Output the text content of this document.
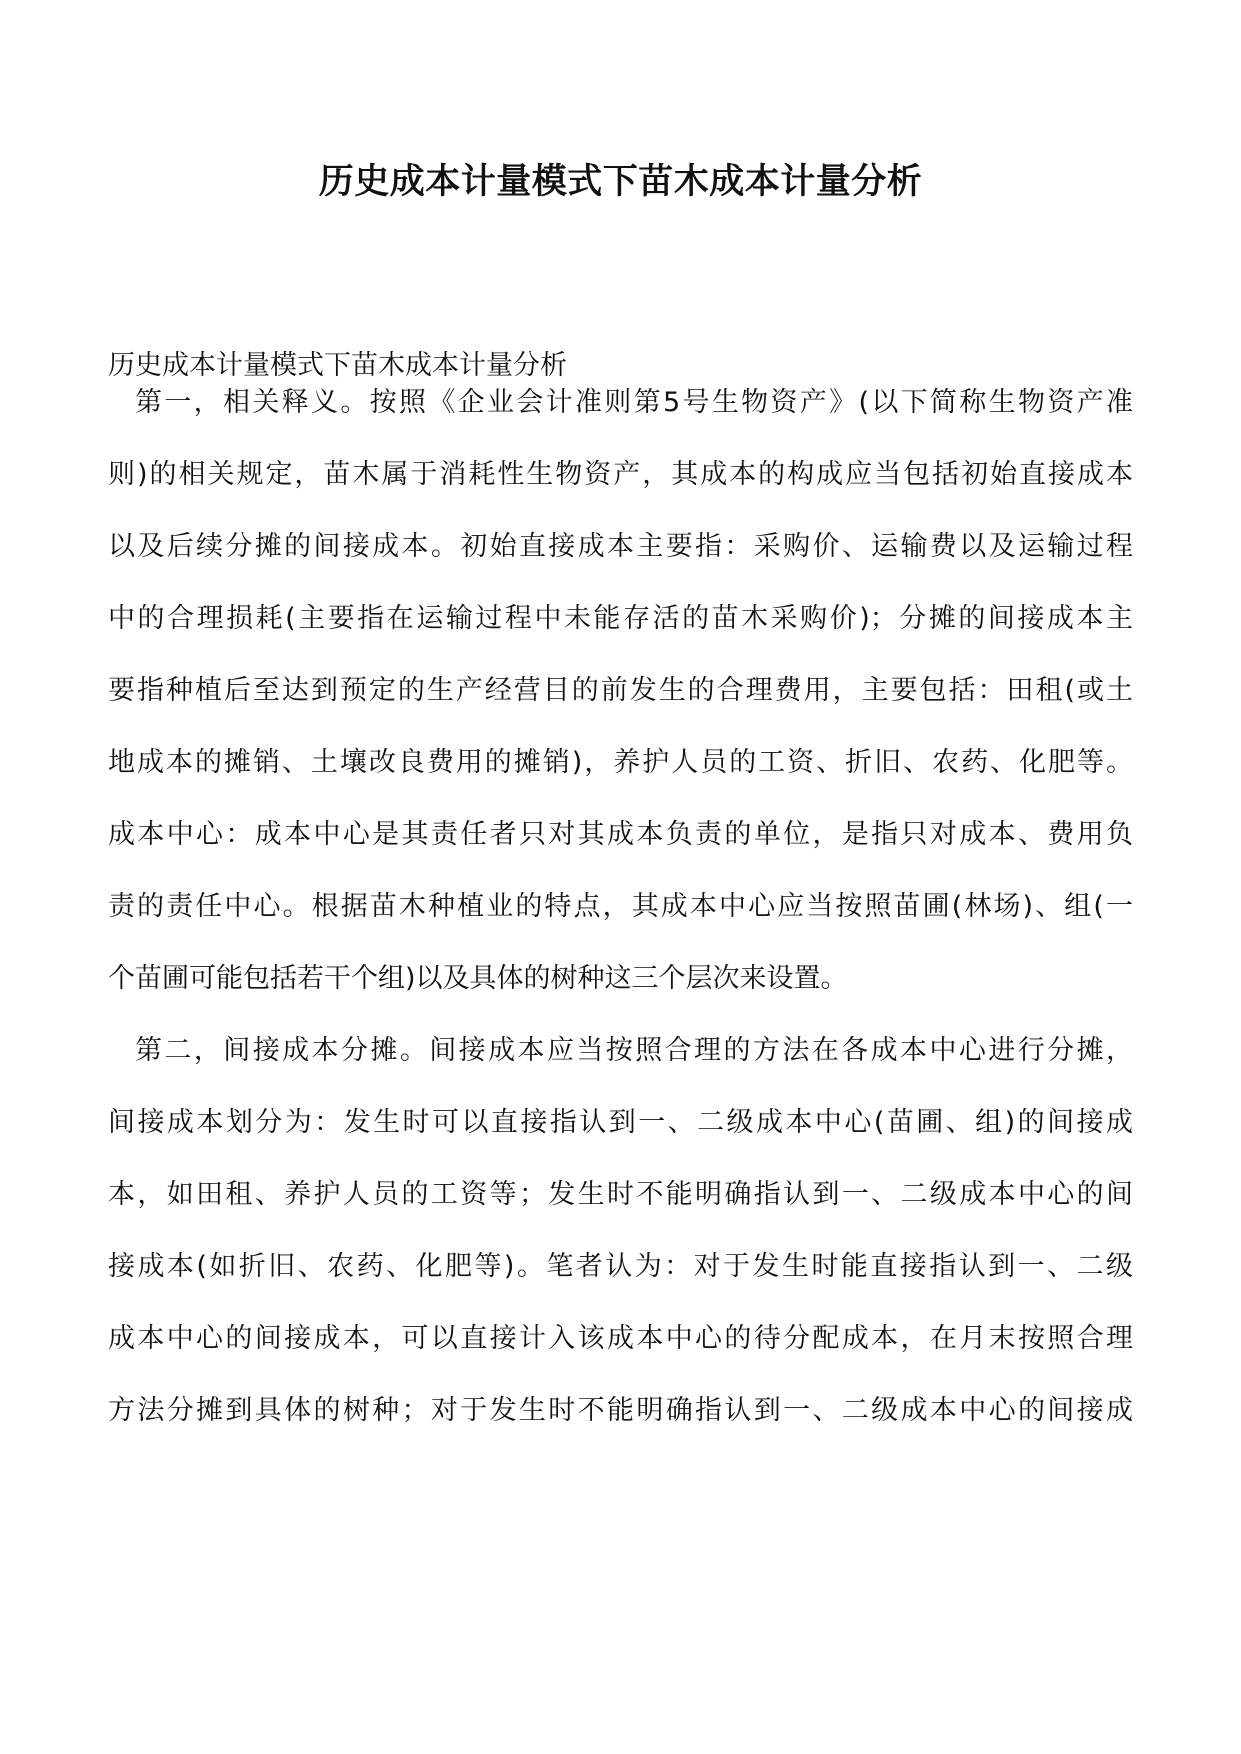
历史成本计量模式下苗木成本计量分析

历史成本计量模式下苗木成本计量分析

第一，相关释义。按照《企业会计准则第5号生物资产》(以下简称生物资产准

则)的相关规定，苗木属于消耗性生物资产，其成本的构成应当包括初始直接成本

以及后续分摊的间接成本。初始直接成本主要指：采购价、运输费以及运输过程

中的合理损耗(主要指在运输过程中未能存活的苗木采购价)；分摊的间接成本主

要指种植后至达到预定的生产经营目的前发生的合理费用，主要包括：田租(或土

地成本的摊销、土壤改良费用的摊销)，养护人员的工资、折旧、农药、化肥等。

成本中心：成本中心是其责任者只对其成本负责的单位，是指只对成本、费用负

责的责任中心。根据苗木种植业的特点，其成本中心应当按照苗圃(林场)、组(一

个苗圃可能包括若干个组)以及具体的树种这三个层次来设置。

第二，间接成本分摊。间接成本应当按照合理的方法在各成本中心进行分摊，

间接成本划分为：发生时可以直接指认到一、二级成本中心(苗圃、组)的间接成

本，如田租、养护人员的工资等；发生时不能明确指认到一、二级成本中心的间

接成本(如折旧、农药、化肥等)。笔者认为：对于发生时能直接指认到一、二级

成本中心的间接成本，可以直接计入该成本中心的待分配成本，在月末按照合理

方法分摊到具体的树种；对于发生时不能明确指认到一、二级成本中心的间接成
